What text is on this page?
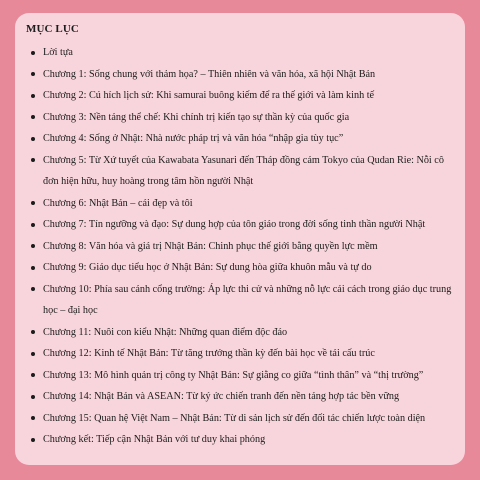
MỤC LỤC
Lời tựa
Chương 1: Sống chung với thảm họa? – Thiên nhiên và văn hóa, xã hội Nhật Bản
Chương 2: Cú hích lịch sử: Khi samurai buông kiếm để ra thế giới và làm kinh tế
Chương 3: Nền tảng thể chế: Khi chính trị kiến tạo sự thần kỳ của quốc gia
Chương 4: Sống ở Nhật: Nhà nước pháp trị và văn hóa “nhập gia tùy tục”
Chương 5: Từ Xứ tuyết của Kawabata Yasunari đến Tháp đồng cảm Tokyo của Qudan Rie: Nỗi cô đơn hiện hữu, huy hoàng trong tâm hồn người Nhật
Chương 6: Nhật Bản – cái đẹp và tôi
Chương 7: Tín ngưỡng và đạo: Sự dung hợp của tôn giáo trong đời sống tinh thần người Nhật
Chương 8: Văn hóa và giá trị Nhật Bản: Chinh phục thế giới bằng quyền lực mềm
Chương 9: Giáo dục tiểu học ở Nhật Bản: Sự dung hòa giữa khuôn mẫu và tự do
Chương 10: Phía sau cánh cổng trường: Áp lực thi cử và những nỗ lực cải cách trong giáo dục trung học – đại học
Chương 11: Nuôi con kiểu Nhật: Những quan điểm độc đáo
Chương 12: Kinh tế Nhật Bản: Từ tăng trưởng thần kỳ đến bài học về tái cấu trúc
Chương 13: Mô hình quản trị công ty Nhật Bản: Sự giằng co giữa “tình thân” và “thị trường”
Chương 14: Nhật Bản và ASEAN: Từ ký ức chiến tranh đến nền tảng hợp tác bền vững
Chương 15: Quan hệ Việt Nam – Nhật Bản: Từ di sản lịch sử đến đối tác chiến lược toàn diện
Chương kết: Tiếp cận Nhật Bản với tư duy khai phóng
